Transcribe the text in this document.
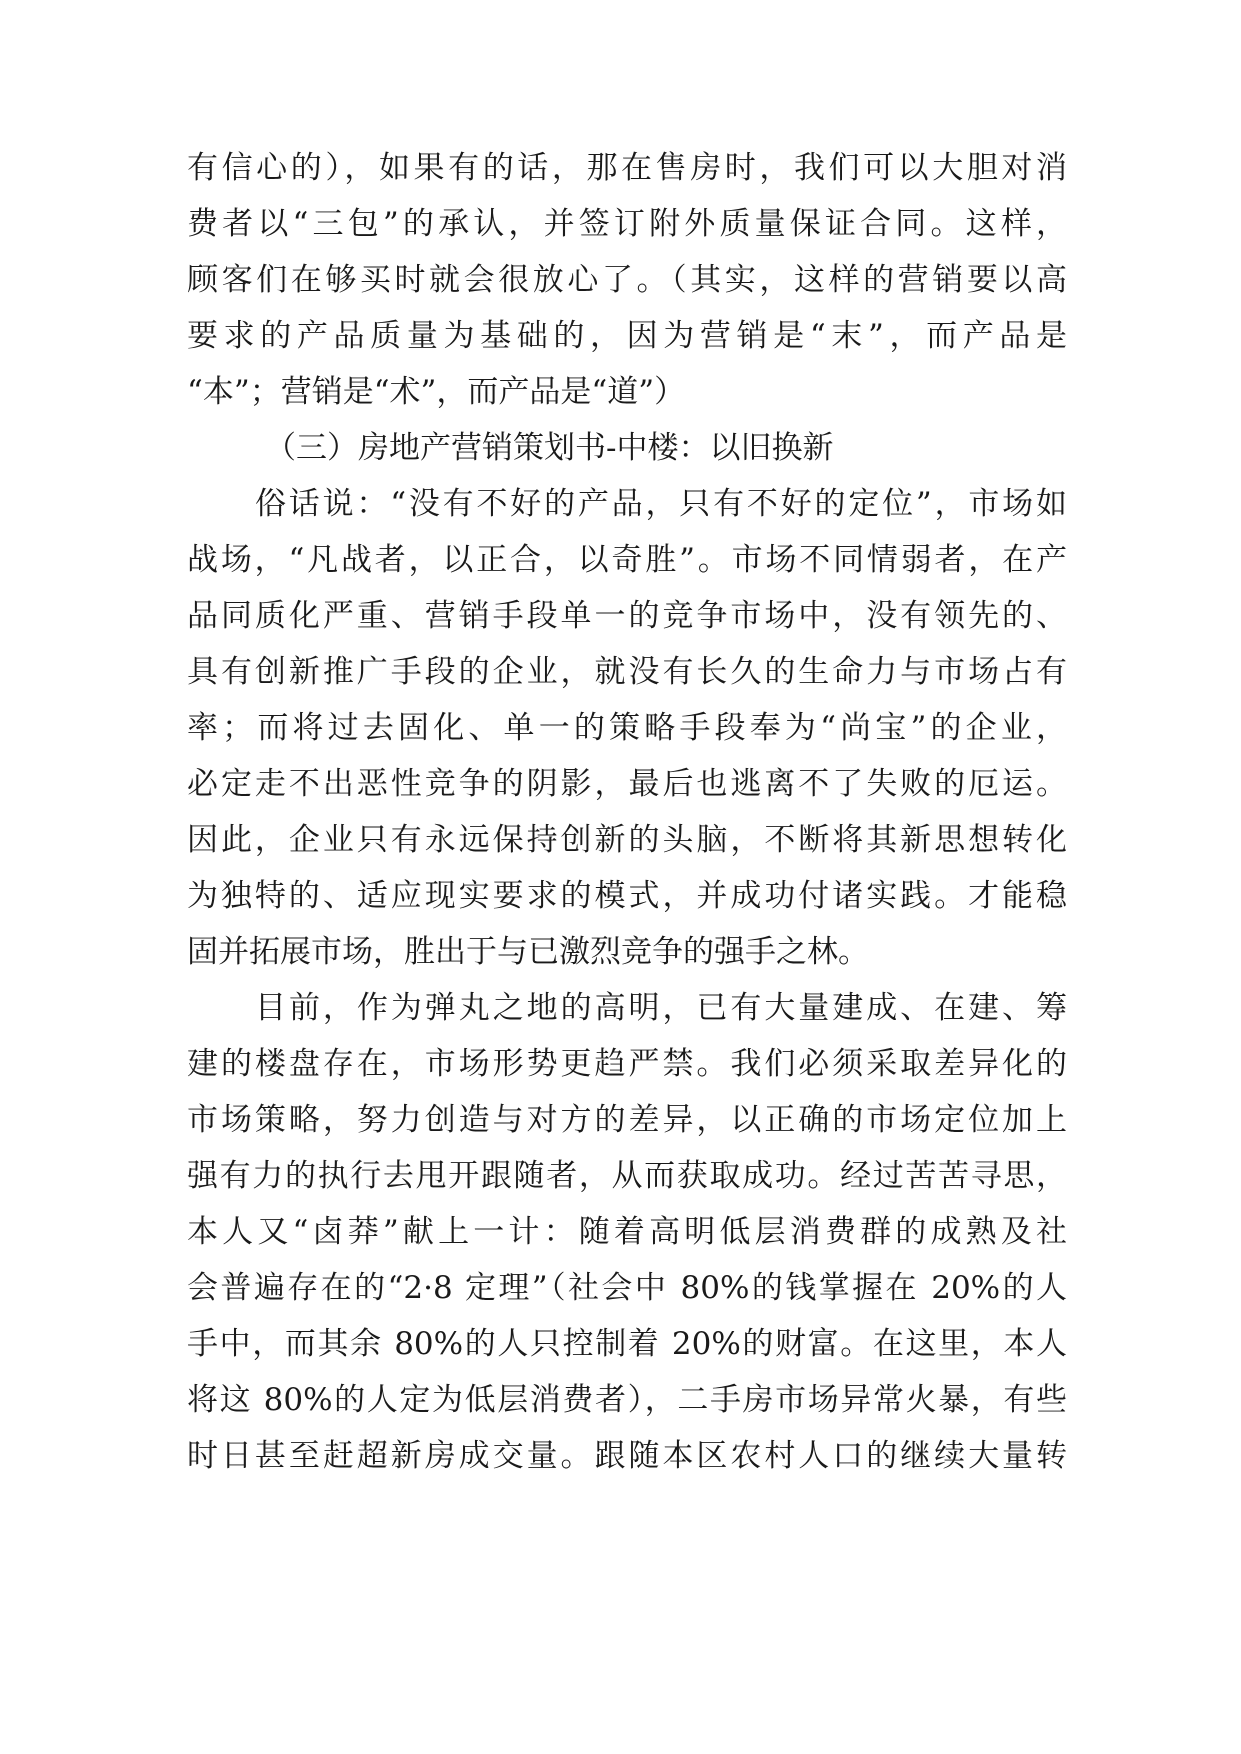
有信心的），如果有的话，那在售房时，我们可以大胆对消
费者以“三包”的承认，并签订附外质量保证合同。这样，
顾客们在够买时就会很放心了。（其实，这样的营销要以高
要求的产品质量为基础的，因为营销是“末”，而产品是
“本”；营销是“术”，而产品是“道”）
（三）房地产营销策划书-中楼：以旧换新
俗话说：“没有不好的产品，只有不好的定位”，市场如
战场，“凡战者，以正合，以奇胜”。市场不同情弱者，在产
品同质化严重、营销手段单一的竞争市场中，没有领先的、
具有创新推广手段的企业，就没有长久的生命力与市场占有
率；而将过去固化、单一的策略手段奉为“尚宝”的企业，
必定走不出恶性竞争的阴影，最后也逃离不了失败的厄运。
因此，企业只有永远保持创新的头脑，不断将其新思想转化
为独特的、适应现实要求的模式，并成功付诸实践。才能稳
固并拓展市场，胜出于与已激烈竞争的强手之林。
目前，作为弹丸之地的高明，已有大量建成、在建、筹
建的楼盘存在，市场形势更趋严禁。我们必须采取差异化的
市场策略，努力创造与对方的差异，以正确的市场定位加上
强有力的执行去甩开跟随者，从而获取成功。经过苦苦寻思，
本人又“卤莽”献上一计：随着高明低层消费群的成熟及社
会普遍存在的“2·8 定理”（社会中 80%的钱掌握在 20%的人
手中，而其余 80%的人只控制着 20%的财富。在这里，本人
将这 80%的人定为低层消费者），二手房市场异常火暴，有些
时日甚至赶超新房成交量。跟随本区农村人口的继续大量转
